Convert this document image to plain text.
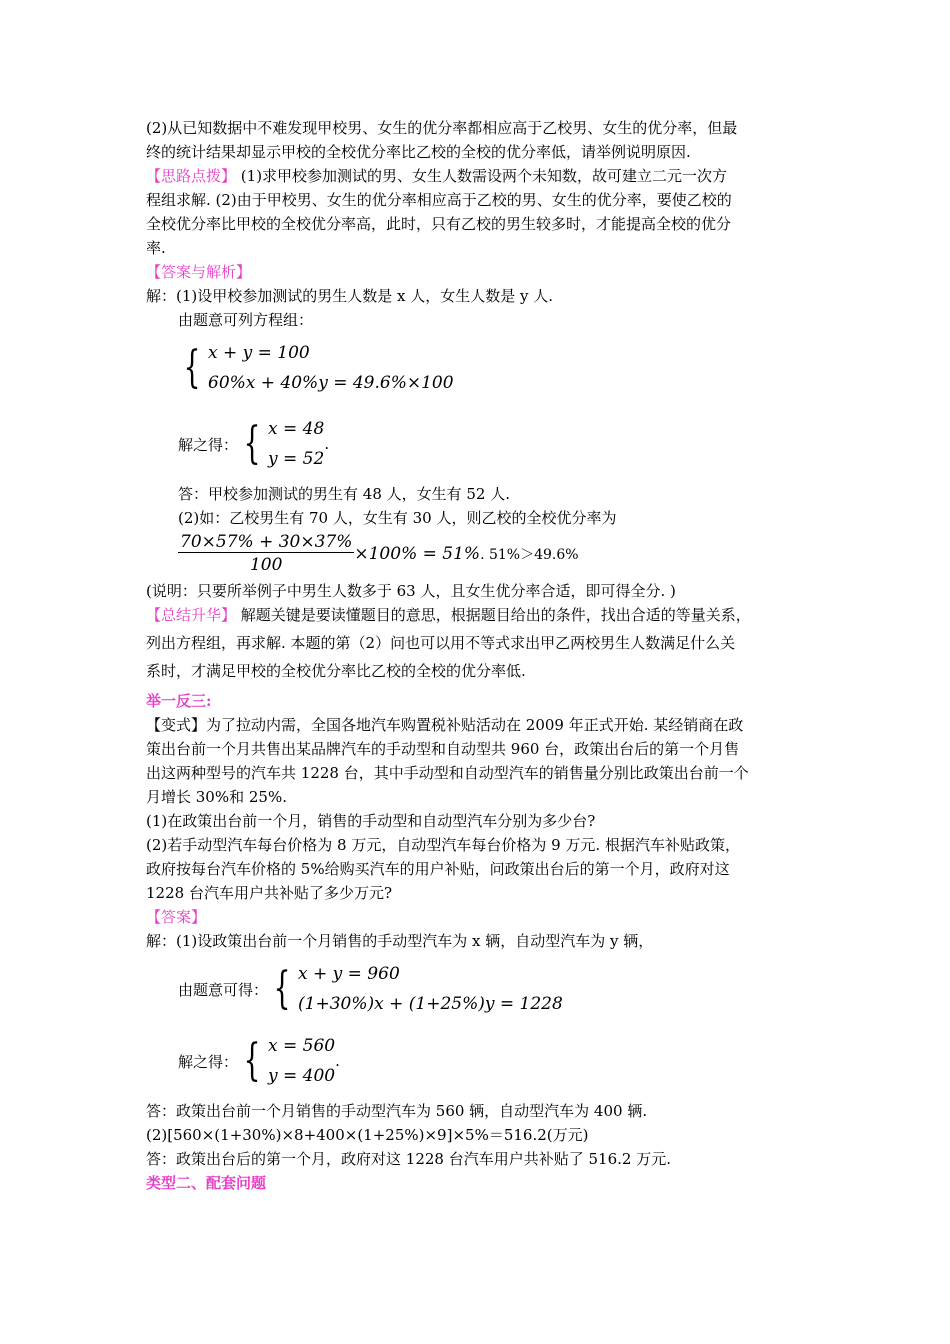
(2)从已知数据中不难发现甲校男、女生的优分率都相应高于乙校男、女生的优分率，但最
终的统计结果却显示甲校的全校优分率比乙校的全校的优分率低，请举例说明原因.
【思路点拨】 (1)求甲校参加测试的男、女生人数需设两个未知数，故可建立二元一次方
程组求解. (2)由于甲校男、女生的优分率相应高于乙校的男、女生的优分率，要使乙校的
全校优分率比甲校的全校优分率高，此时，只有乙校的男生较多时，才能提高全校的优分
率.
【答案与解析】
解：(1)设甲校参加测试的男生人数是 x 人，女生人数是 y 人.
由题意可列方程组：
{ x + y = 100
60%x + 40%y = 49.6%×100
解之得： { x = 48
y = 52
.
答：甲校参加测试的男生有 48 人，女生有 52 人.
(2)如：乙校男生有 70 人，女生有 30 人，则乙校的全校优分率为
$\frac{70\times 57\% + 30\times 37\%}{100} \times 100\% = 51\%$ . 51%＞49.6%
(说明：只要所举例子中男生人数多于 63 人，且女生优分率合适，即可得全分. )
【总结升华】 解题关键是要读懂题目的意思，根据题目给出的条件，找出合适的等量关系，
列出方程组，再求解. 本题的第（2）问也可以用不等式求出甲乙两校男生人数满足什么关
系时，才满足甲校的全校优分率比乙校的全校的优分率低.
举一反三:
【变式】为了拉动内需，全国各地汽车购置税补贴活动在 2009 年正式开始. 某经销商在政
策出台前一个月共售出某品牌汽车的手动型和自动型共 960 台，政策出台后的第一个月售
出这两种型号的汽车共 1228 台，其中手动型和自动型汽车的销售量分别比政策出台前一个
月增长 30%和 25%.
(1)在政策出台前一个月，销售的手动型和自动型汽车分别为多少台?
(2)若手动型汽车每台价格为 8 万元，自动型汽车每台价格为 9 万元. 根据汽车补贴政策，
政府按每台汽车价格的 5%给购买汽车的用户补贴，问政策出台后的第一个月，政府对这
1228 台汽车用户共补贴了多少万元?
【答案】
解：(1)设政策出台前一个月销售的手动型汽车为 x 辆，自动型汽车为 y 辆，
由题意可得： { x + y = 960
(1+30%)x + (1+25%)y = 1228
解之得： { x = 560
y = 400
.
答：政策出台前一个月销售的手动型汽车为 560 辆，自动型汽车为 400 辆.
(2)[560×(1+30%)×8+400×(1+25%)×9]×5%＝516.2(万元)
答：政策出台后的第一个月，政府对这 1228 台汽车用户共补贴了 516.2 万元.
类型二、配套问题
